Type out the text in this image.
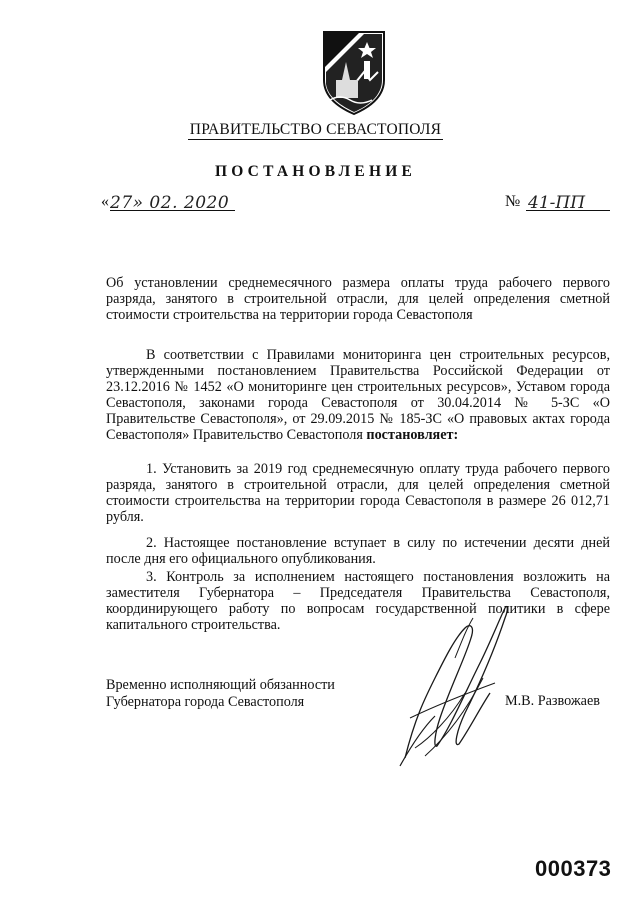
ПРАВИТЕЛЬСТВО СЕВАСТОПОЛЯ
ПОСТАНОВЛЕНИЕ
« 27» 02. 2020	№ 41-ПП
Об установлении среднемесячного размера оплаты труда рабочего первого разряда, занятого в строительной отрасли, для целей определения сметной стоимости строительства на территории города Севастополя
В соответствии с Правилами мониторинга цен строительных ресурсов, утвержденными постановлением Правительства Российской Федерации от 23.12.2016 № 1452 «О мониторинге цен строительных ресурсов», Уставом города Севастополя, законами города Севастополя от 30.04.2014 № 5-ЗС «О Правительстве Севастополя», от 29.09.2015 № 185-ЗС «О правовых актах города Севастополя» Правительство Севастополя постановляет:
1. Установить за 2019 год среднемесячную оплату труда рабочего первого разряда, занятого в строительной отрасли, для целей определения сметной стоимости строительства на территории города Севастополя в размере 26 012,71 рубля.
2. Настоящее постановление вступает в силу по истечении десяти дней после дня его официального опубликования.
3. Контроль за исполнением настоящего постановления возложить на заместителя Губернатора – Председателя Правительства Севастополя, координирующего работу по вопросам государственной политики в сфере капитального строительства.
Временно исполняющий обязанности
Губернатора города Севастополя	М.В. Развожаев
000373
